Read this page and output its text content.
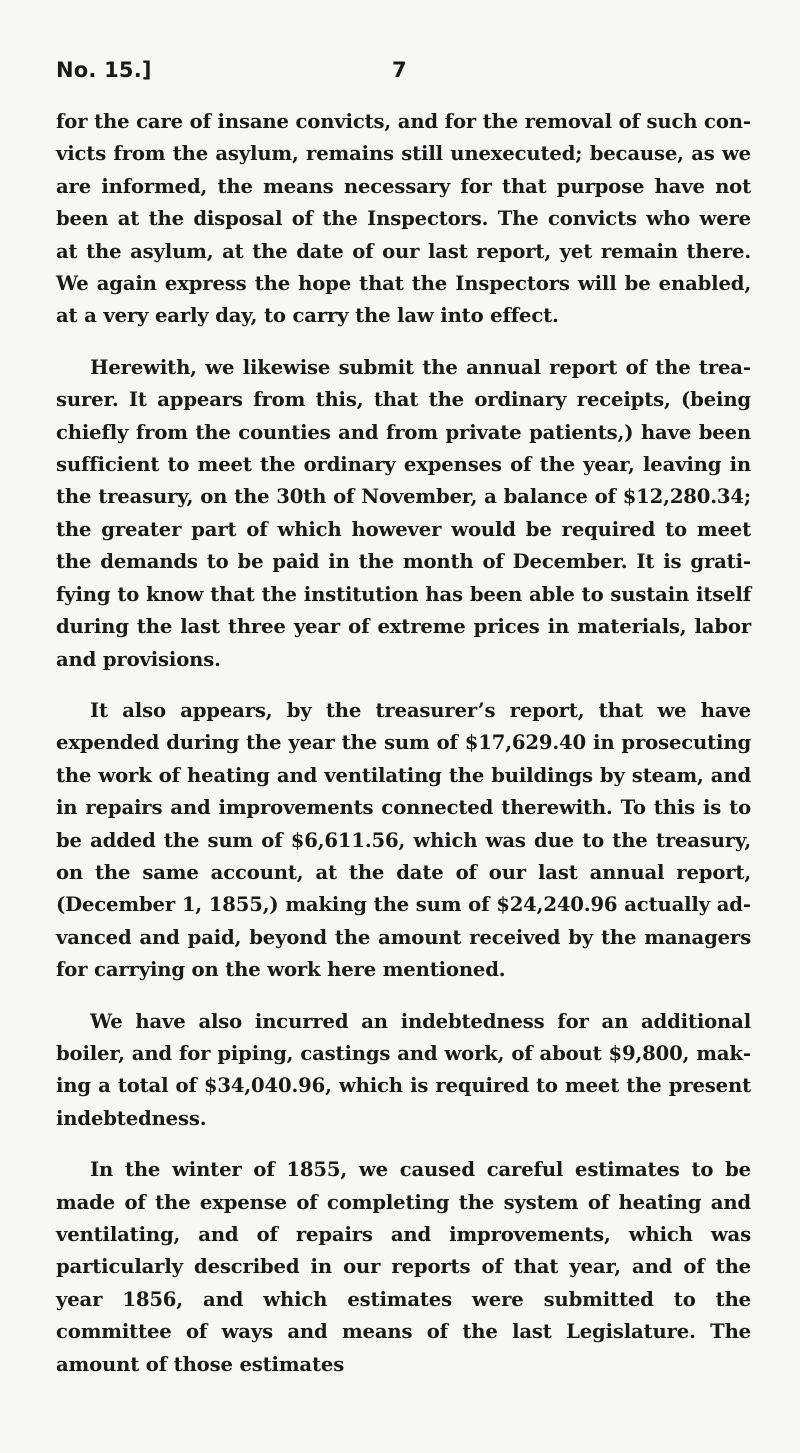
No. 15.]	7

for the care of insane convicts, and for the removal of such convicts from the asylum, remains still unexecuted; because, as we are informed, the means necessary for that purpose have not been at the disposal of the Inspectors. The convicts who were at the asylum, at the date of our last report, yet remain there. We again express the hope that the Inspectors will be enabled, at a very early day, to carry the law into effect.

Herewith, we likewise submit the annual report of the treasurer. It appears from this, that the ordinary receipts, (being chiefly from the counties and from private patients,) have been sufficient to meet the ordinary expenses of the year, leaving in the treasury, on the 30th of November, a balance of $12,280.34; the greater part of which however would be required to meet the demands to be paid in the month of December. It is gratifying to know that the institution has been able to sustain itself during the last three year of extreme prices in materials, labor and provisions.

It also appears, by the treasurer’s report, that we have expended during the year the sum of $17,629.40 in prosecuting the work of heating and ventilating the buildings by steam, and in repairs and improvements connected therewith. To this is to be added the sum of $6,611.56, which was due to the treasury, on the same account, at the date of our last annual report, (December 1, 1855,) making the sum of $24,240.96 actually advanced and paid, beyond the amount received by the managers for carrying on the work here mentioned.

We have also incurred an indebtedness for an additional boiler, and for piping, castings and work, of about $9,800, making a total of $34,040.96, which is required to meet the present indebtedness.

In the winter of 1855, we caused careful estimates to be made of the expense of completing the system of heating and ventilating, and of repairs and improvements, which was particularly described in our reports of that year, and of the year 1856, and which estimates were submitted to the committee of ways and means of the last Legislature. The amount of those estimates
